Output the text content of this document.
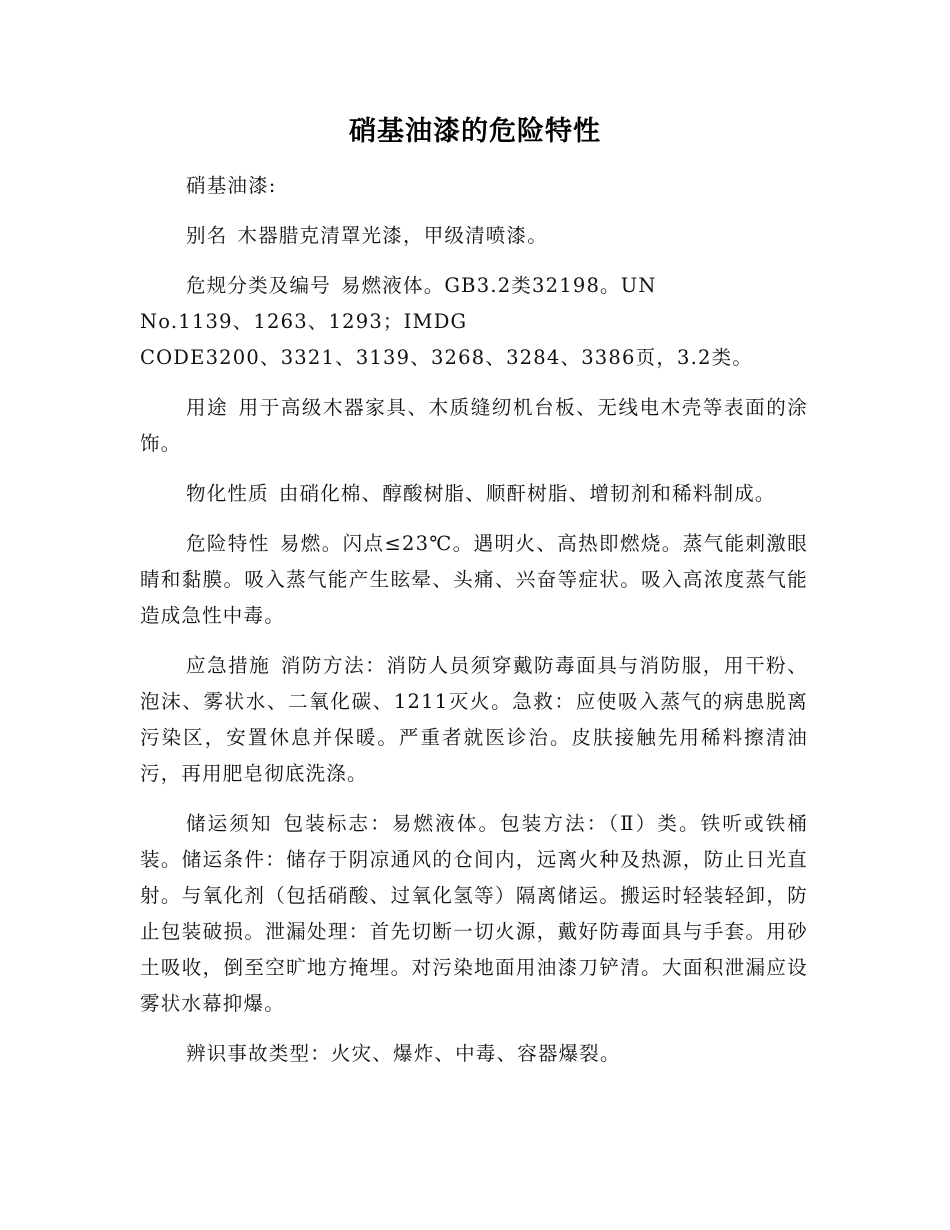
硝基油漆的危险特性

硝基油漆:

别名 木器腊克清罩光漆，甲级清喷漆。

危规分类及编号 易燃液体。GB3.2类32198。UN
No.1139、1263、1293；IMDG
CODE3200、3321、3139、3268、3284、3386页，3.2类。

用途 用于高级木器家具、木质缝纫机台板、无线电木壳等表面的涂饰。

物化性质 由硝化棉、醇酸树脂、顺酐树脂、增韧剂和稀料制成。

危险特性 易燃。闪点≤23℃。遇明火、高热即燃烧。蒸气能刺激眼睛和黏膜。吸入蒸气能产生眩晕、头痛、兴奋等症状。吸入高浓度蒸气能造成急性中毒。

应急措施 消防方法：消防人员须穿戴防毒面具与消防服，用干粉、泡沫、雾状水、二氧化碳、1211灭火。急救：应使吸入蒸气的病患脱离污染区，安置休息并保暖。严重者就医诊治。皮肤接触先用稀料擦清油污，再用肥皂彻底洗涤。

储运须知 包装标志：易燃液体。包装方法：（Ⅱ）类。铁听或铁桶装。储运条件：储存于阴凉通风的仓间内，远离火种及热源，防止日光直射。与氧化剂（包括硝酸、过氧化氢等）隔离储运。搬运时轻装轻卸，防止包装破损。泄漏处理：首先切断一切火源，戴好防毒面具与手套。用砂土吸收，倒至空旷地方掩埋。对污染地面用油漆刀铲清。大面积泄漏应设雾状水幕抑爆。

辨识事故类型：火灾、爆炸、中毒、容器爆裂。
